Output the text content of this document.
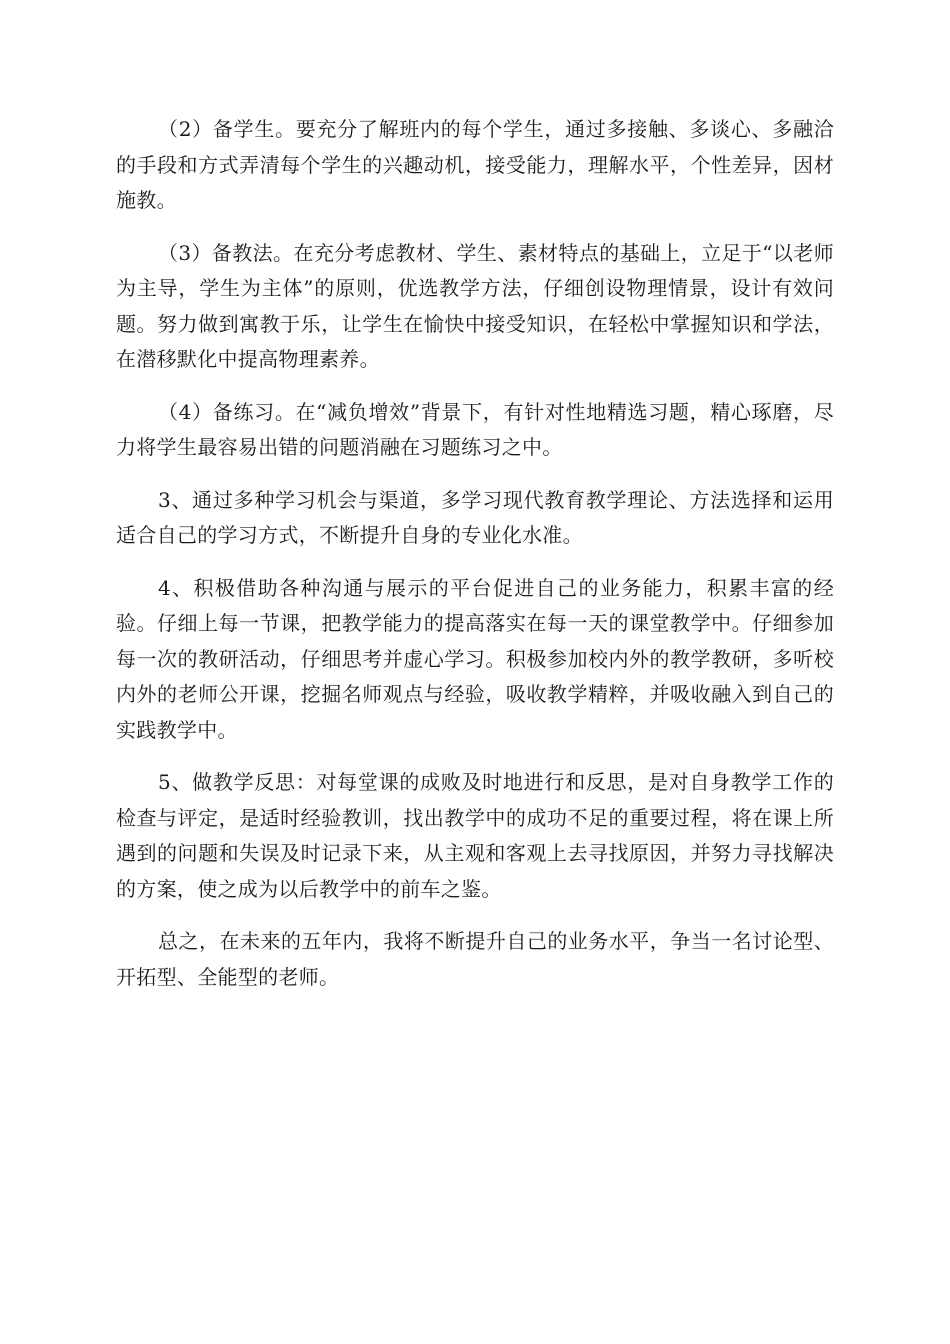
（2）备学生。要充分了解班内的每个学生，通过多接触、多谈心、多融洽的手段和方式弄清每个学生的兴趣动机，接受能力，理解水平，个性差异，因材施教。

（3）备教法。在充分考虑教材、学生、素材特点的基础上，立足于“以老师为主导，学生为主体”的原则，优选教学方法，仔细创设物理情景，设计有效问题。努力做到寓教于乐，让学生在愉快中接受知识，在轻松中掌握知识和学法，在潜移默化中提高物理素养。

（4）备练习。在“减负增效”背景下，有针对性地精选习题，精心琢磨，尽力将学生最容易出错的问题消融在习题练习之中。

3、通过多种学习机会与渠道，多学习现代教育教学理论、方法选择和运用适合自己的学习方式，不断提升自身的专业化水准。

4、积极借助各种沟通与展示的平台促进自己的业务能力，积累丰富的经验。仔细上每一节课，把教学能力的提高落实在每一天的课堂教学中。仔细参加每一次的教研活动，仔细思考并虚心学习。积极参加校内外的教学教研，多听校内外的老师公开课，挖掘名师观点与经验，吸收教学精粹，并吸收融入到自己的实践教学中。

5、做教学反思：对每堂课的成败及时地进行和反思，是对自身教学工作的检查与评定，是适时经验教训，找出教学中的成功不足的重要过程，将在课上所遇到的问题和失误及时记录下来，从主观和客观上去寻找原因，并努力寻找解决的方案，使之成为以后教学中的前车之鉴。

总之，在未来的五年内，我将不断提升自己的业务水平，争当一名讨论型、开拓型、全能型的老师。
